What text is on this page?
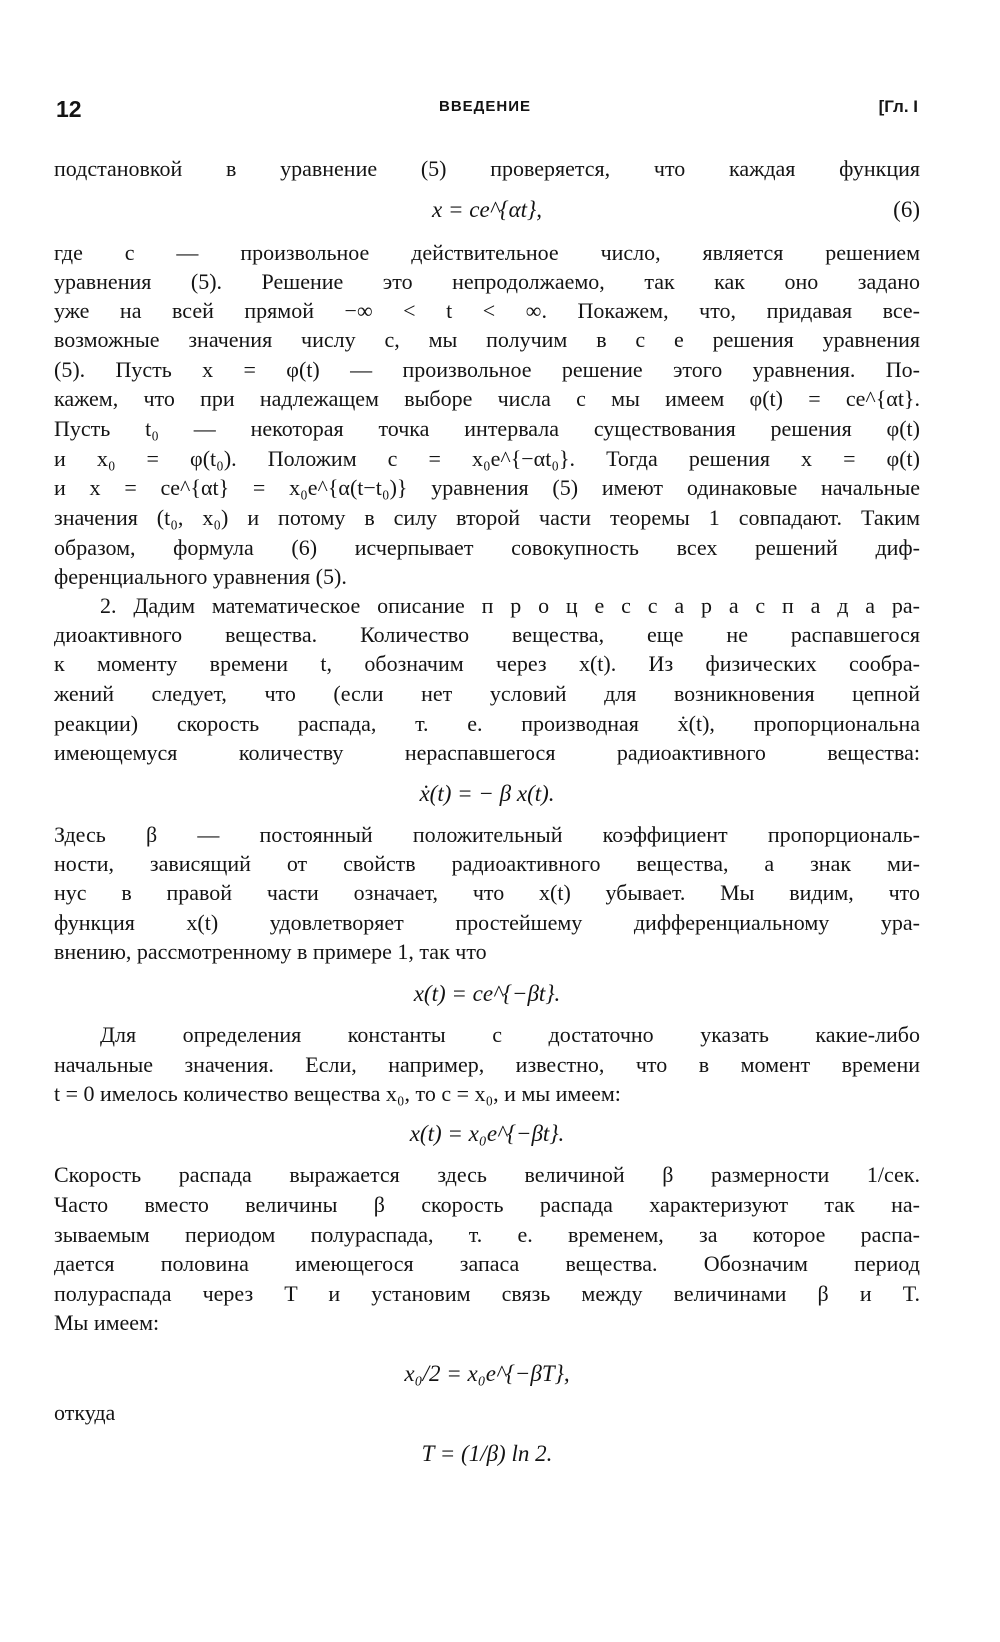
12	ВВЕДЕНИЕ	[Гл. I
подстановкой в уравнение (5) проверяется, что каждая функция
x = ce^{αt},	(6)
где c — произвольное действительное число, является решением
уравнения (5). Решение это непродолжаемо, так как оно задано
уже на всей прямой −∞ < t < ∞. Покажем, что, придавая все-
возможные значения числу c, мы получим в с е решения уравнения
(5). Пусть x = φ(t) — произвольное решение этого уравнения. По-
кажем, что при надлежащем выборе числа c мы имеем φ(t) = ce^{αt}.
Пусть t₀ — некоторая точка интервала существования решения φ(t)
и x₀ = φ(t₀). Положим c = x₀e^{−αt₀}. Тогда решения x = φ(t)
и x = ce^{αt} = x₀e^{α(t−t₀)} уравнения (5) имеют одинаковые начальные
значения (t₀, x₀) и потому в силу второй части теоремы 1 совпадают. Таким
образом, формула (6) исчерпывает совокупность всех решений диф-
ференциального уравнения (5).
2. Дадим математическое описание п р о ц е с с а р а с п а д а ра-
диоактивного вещества. Количество вещества, еще не распавшегося
к моменту времени t, обозначим через x(t). Из физических сообра-
жений следует, что (если нет условий для возникновения цепной
реакции) скорость распада, т. е. производная ẋ(t), пропорциональна
имеющемуся количеству нераспавшегося радиоактивного вещества:
ẋ(t) = − β x(t).
Здесь β — постоянный положительный коэффициент пропорциональ-
ности, зависящий от свойств радиоактивного вещества, а знак ми-
нус в правой части означает, что x(t) убывает. Мы видим, что
функция x(t) удовлетворяет простейшему дифференциальному ура-
внению, рассмотренному в примере 1, так что
x(t) = ce^{−βt}.
Для определения константы c достаточно указать какие-либо
начальные значения. Если, например, известно, что в момент времени
t = 0 имелось количество вещества x₀, то c = x₀, и мы имеем:
x(t) = x₀e^{−βt}.
Скорость распада выражается здесь величиной β размерности 1/сек.
Часто вместо величины β скорость распада характеризуют так на-
зываемым периодом полураспада, т. е. временем, за которое распа-
дается половина имеющегося запаса вещества. Обозначим период
полураспада через T и установим связь между величинами β и T.
Мы имеем:
x₀/2 = x₀e^{−βT},
откуда
T = (1/β) ln 2.
